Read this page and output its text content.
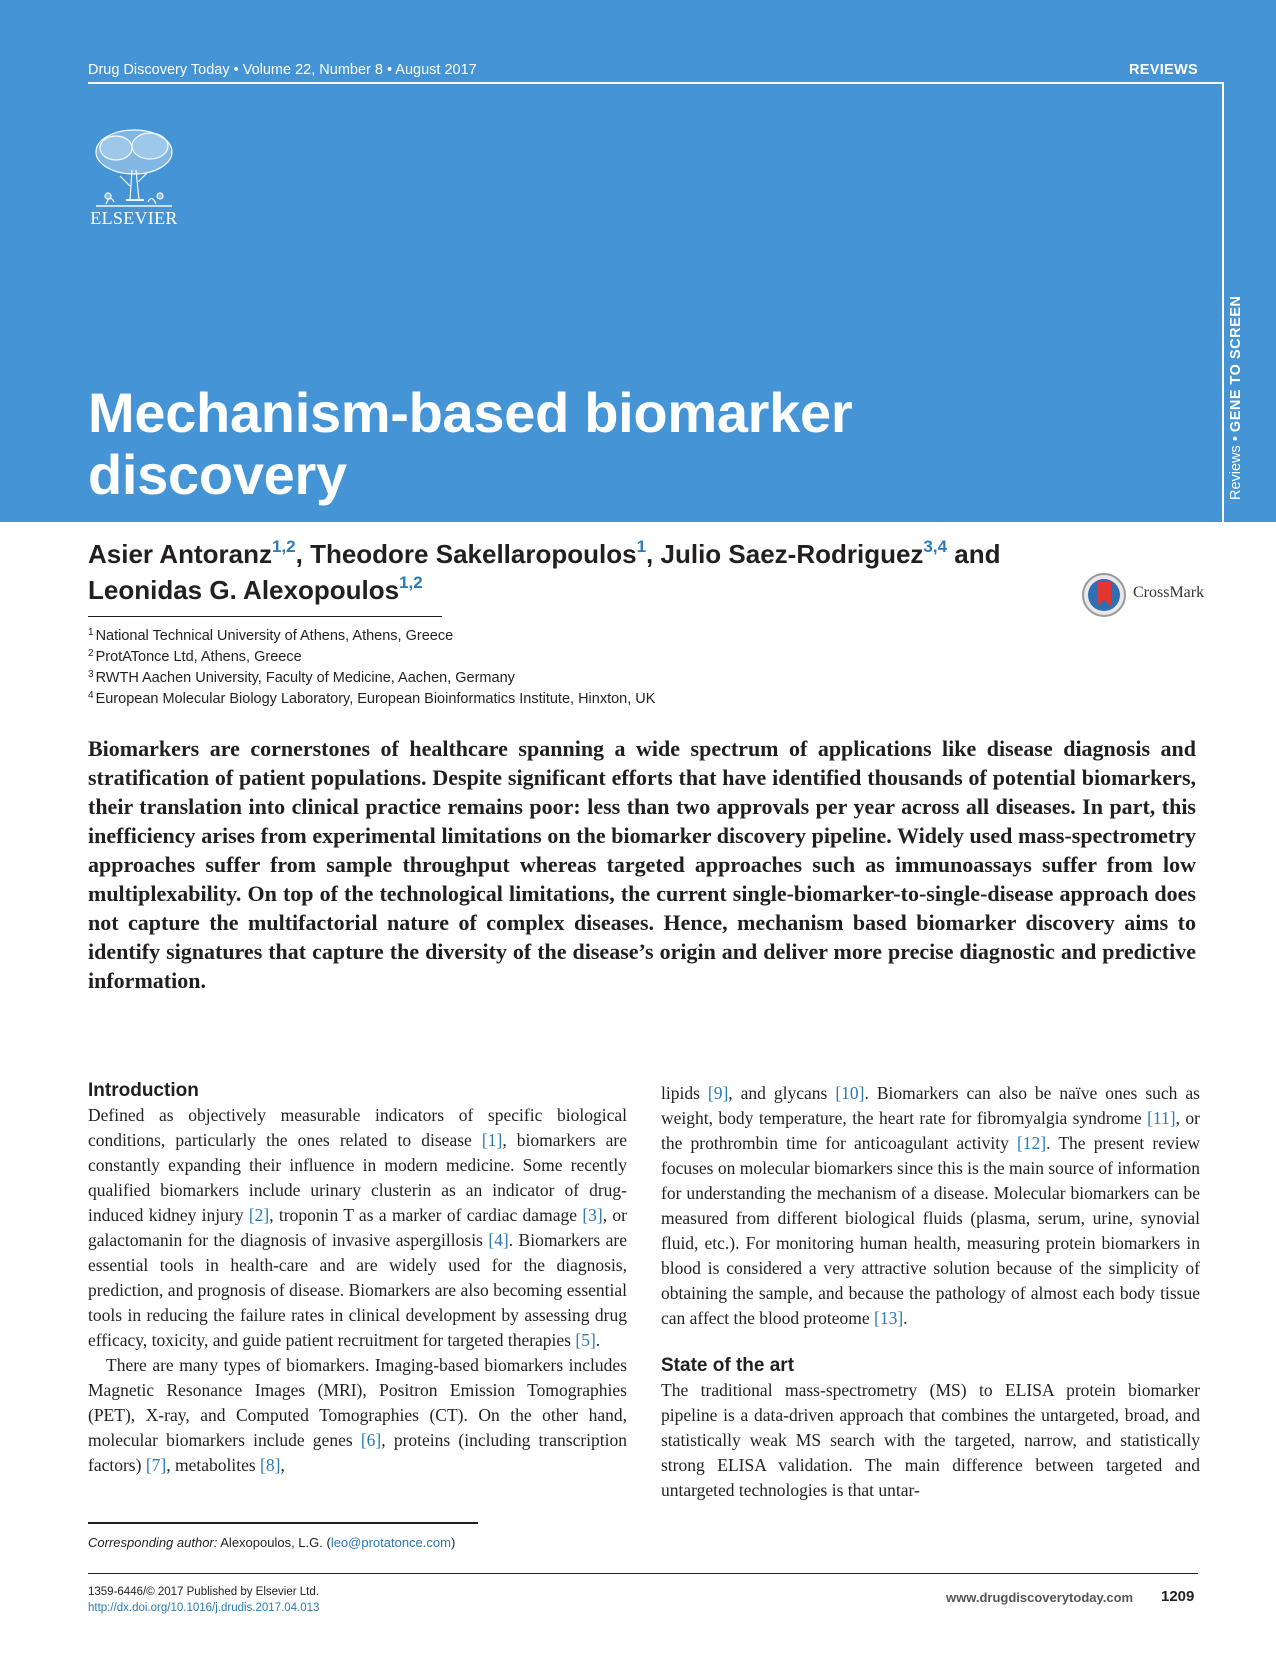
Drug Discovery Today • Volume 22, Number 8 • August 2017	REVIEWS
ELSEVIER
Reviews • GENE TO SCREEN
Mechanism-based biomarker
discovery
Asier Antoranz$^{1,2}$, Theodore Sakellaropoulos$^1$, Julio Saez-Rodriguez$^{3,4}$ and
Leonidas G. Alexopoulos$^{1,2}$
CrossMark
$^1$ National Technical University of Athens, Athens, Greece
$^2$ ProtATonce Ltd, Athens, Greece
$^3$ RWTH Aachen University, Faculty of Medicine, Aachen, Germany
$^4$ European Molecular Biology Laboratory, European Bioinformatics Institute, Hinxton, UK

Biomarkers are cornerstones of healthcare spanning a wide spectrum of applications like disease diagnosis and stratification of patient populations. Despite significant efforts that have identified thousands of potential biomarkers, their translation into clinical practice remains poor: less than two approvals per year across all diseases. In part, this inefficiency arises from experimental limitations on the biomarker discovery pipeline. Widely used mass-spectrometry approaches suffer from sample throughput whereas targeted approaches such as immunoassays suffer from low multiplexability. On top of the technological limitations, the current single-biomarker-to-single-disease approach does not capture the multifactorial nature of complex diseases. Hence, mechanism based biomarker discovery aims to identify signatures that capture the diversity of the disease’s origin and deliver more precise diagnostic and predictive information.

Introduction

Defined as objectively measurable indicators of specific biological conditions, particularly the ones related to disease [1], biomarkers are constantly expanding their influence in modern medicine. Some recently qualified biomarkers include urinary clusterin as an indicator of drug-induced kidney injury [2], troponin T as a marker of cardiac damage [3], or galactomanin for the diagnosis of invasive aspergillosis [4]. Biomarkers are essential tools in health-care and are widely used for the diagnosis, prediction, and prognosis of disease. Biomarkers are also becoming essential tools in reducing the failure rates in clinical development by assessing drug efficacy, toxicity, and guide patient recruitment for targeted therapies [5].

There are many types of biomarkers. Imaging-based biomarkers includes Magnetic Resonance Images (MRI), Positron Emission Tomographies (PET), X-ray, and Computed Tomographies (CT). On the other hand, molecular biomarkers include genes [6], proteins (including transcription factors) [7], metabolites [8],

lipids [9], and glycans [10]. Biomarkers can also be naïve ones such as weight, body temperature, the heart rate for fibromyalgia syndrome [11], or the prothrombin time for anticoagulant activity [12]. The present review focuses on molecular biomarkers since this is the main source of information for understanding the mechanism of a disease. Molecular biomarkers can be measured from different biological fluids (plasma, serum, urine, synovial fluid, etc.). For monitoring human health, measuring protein biomarkers in blood is considered a very attractive solution because of the simplicity of obtaining the sample, and because the pathology of almost each body tissue can affect the blood proteome [13].

State of the art

The traditional mass-spectrometry (MS) to ELISA protein biomarker pipeline is a data-driven approach that combines the untargeted, broad, and statistically weak MS search with the targeted, narrow, and statistically strong ELISA validation. The main difference between targeted and untargeted technologies is that untar-

Corresponding author: Alexopoulos, L.G. (leo@protatonce.com)
1359-6446/© 2017 Published by Elsevier Ltd.
http://dx.doi.org/10.1016/j.drudis.2017.04.013
www.drugdiscoverytoday.com 1209
